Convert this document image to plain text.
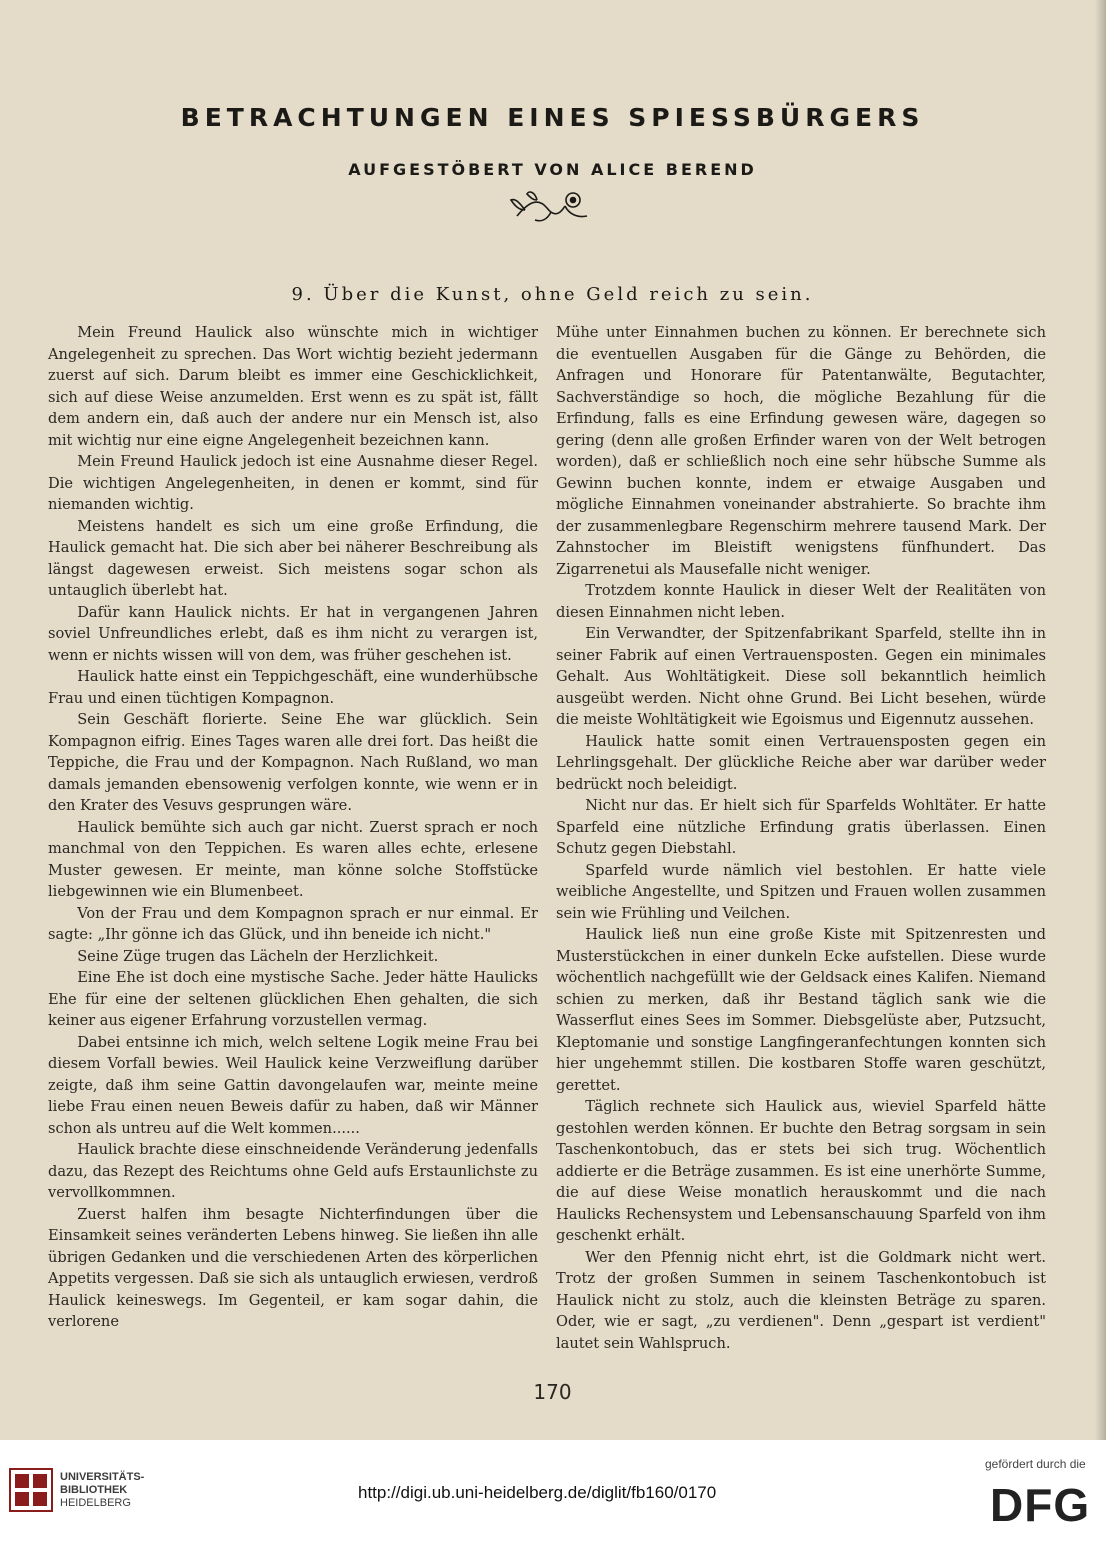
BETRACHTUNGEN EINES SPIESSBÜRGERS
AUFGESTÖBERT VON ALICE BEREND
9. Über die Kunst, ohne Geld reich zu sein.

Mein Freund Haulick also wünschte mich in wichtiger Angelegenheit zu sprechen. Das Wort wichtig bezieht jedermann zuerst auf sich. Darum bleibt es immer eine Geschicklichkeit, sich auf diese Weise anzumelden. Erst wenn es zu spät ist, fällt dem andern ein, daß auch der andere nur ein Mensch ist, also mit wichtig nur eine eigne Angelegenheit bezeichnen kann.

Mein Freund Haulick jedoch ist eine Ausnahme dieser Regel. Die wichtigen Angelegenheiten, in denen er kommt, sind für niemanden wichtig.

Meistens handelt es sich um eine große Erfindung, die Haulick gemacht hat. Die sich aber bei näherer Beschreibung als längst dagewesen erweist. Sich meistens sogar schon als untauglich überlebt hat.

Dafür kann Haulick nichts. Er hat in vergangenen Jahren soviel Unfreundliches erlebt, daß es ihm nicht zu verargen ist, wenn er nichts wissen will von dem, was früher geschehen ist.

Haulick hatte einst ein Teppichgeschäft, eine wunderhübsche Frau und einen tüchtigen Kompagnon.

Sein Geschäft florierte. Seine Ehe war glücklich. Sein Kompagnon eifrig. Eines Tages waren alle drei fort. Das heißt die Teppiche, die Frau und der Kompagnon. Nach Rußland, wo man damals jemanden ebensowenig verfolgen konnte, wie wenn er in den Krater des Vesuvs gesprungen wäre.

Haulick bemühte sich auch gar nicht. Zuerst sprach er noch manchmal von den Teppichen. Es waren alles echte, erlesene Muster gewesen. Er meinte, man könne solche Stoffstücke liebgewinnen wie ein Blumenbeet.

Von der Frau und dem Kompagnon sprach er nur einmal. Er sagte: „Ihr gönne ich das Glück, und ihn beneide ich nicht."

Seine Züge trugen das Lächeln der Herzlichkeit.

Eine Ehe ist doch eine mystische Sache. Jeder hätte Haulicks Ehe für eine der seltenen glücklichen Ehen gehalten, die sich keiner aus eigener Erfahrung vorzustellen vermag.

Dabei entsinne ich mich, welch seltene Logik meine Frau bei diesem Vorfall bewies. Weil Haulick keine Verzweiflung darüber zeigte, daß ihm seine Gattin davongelaufen war, meinte meine liebe Frau einen neuen Beweis dafür zu haben, daß wir Männer schon als untreu auf die Welt kommen......

Haulick brachte diese einschneidende Veränderung jedenfalls dazu, das Rezept des Reichtums ohne Geld aufs Erstaunlichste zu vervollkommnen.

Zuerst halfen ihm besagte Nichterfindungen über die Einsamkeit seines veränderten Lebens hinweg. Sie ließen ihn alle übrigen Gedanken und die verschiedenen Arten des körperlichen Appetits vergessen. Daß sie sich als untauglich erwiesen, verdroß Haulick keineswegs. Im Gegenteil, er kam sogar dahin, die verlorene

Mühe unter Einnahmen buchen zu können. Er berechnete sich die eventuellen Ausgaben für die Gänge zu Behörden, die Anfragen und Honorare für Patentanwälte, Begutachter, Sachverständige so hoch, die mögliche Bezahlung für die Erfindung, falls es eine Erfindung gewesen wäre, dagegen so gering (denn alle großen Erfinder waren von der Welt betrogen worden), daß er schließlich noch eine sehr hübsche Summe als Gewinn buchen konnte, indem er etwaige Ausgaben und mögliche Einnahmen voneinander abstrahierte. So brachte ihm der zusammenlegbare Regenschirm mehrere tausend Mark. Der Zahnstocher im Bleistift wenigstens fünfhundert. Das Zigarrenetui als Mausefalle nicht weniger.

Trotzdem konnte Haulick in dieser Welt der Realitäten von diesen Einnahmen nicht leben.

Ein Verwandter, der Spitzenfabrikant Sparfeld, stellte ihn in seiner Fabrik auf einen Vertrauensposten. Gegen ein minimales Gehalt. Aus Wohltätigkeit. Diese soll bekanntlich heimlich ausgeübt werden. Nicht ohne Grund. Bei Licht besehen, würde die meiste Wohltätigkeit wie Egoismus und Eigennutz aussehen.

Haulick hatte somit einen Vertrauensposten gegen ein Lehrlingsgehalt. Der glückliche Reiche aber war darüber weder bedrückt noch beleidigt.

Nicht nur das. Er hielt sich für Sparfelds Wohltäter. Er hatte Sparfeld eine nützliche Erfindung gratis überlassen. Einen Schutz gegen Diebstahl.

Sparfeld wurde nämlich viel bestohlen. Er hatte viele weibliche Angestellte, und Spitzen und Frauen wollen zusammen sein wie Frühling und Veilchen.

Haulick ließ nun eine große Kiste mit Spitzenresten und Musterstückchen in einer dunkeln Ecke aufstellen. Diese wurde wöchentlich nachgefüllt wie der Geldsack eines Kalifen. Niemand schien zu merken, daß ihr Bestand täglich sank wie die Wasserflut eines Sees im Sommer. Diebsgelüste aber, Putzsucht, Kleptomanie und sonstige Langfingeranfechtungen konnten sich hier ungehemmt stillen. Die kostbaren Stoffe waren geschützt, gerettet.

Täglich rechnete sich Haulick aus, wieviel Sparfeld hätte gestohlen werden können. Er buchte den Betrag sorgsam in sein Taschenkontobuch, das er stets bei sich trug. Wöchentlich addierte er die Beträge zusammen. Es ist eine unerhörte Summe, die auf diese Weise monatlich herauskommt und die nach Haulicks Rechensystem und Lebensanschauung Sparfeld von ihm geschenkt erhält.

Wer den Pfennig nicht ehrt, ist die Goldmark nicht wert. Trotz der großen Summen in seinem Taschenkontobuch ist Haulick nicht zu stolz, auch die kleinsten Beträge zu sparen. Oder, wie er sagt, „zu verdienen". Denn „gespart ist verdient" lautet sein Wahlspruch.

170
UNIVERSITÄTS-
BIBLIOTHEK
HEIDELBERG
http://digi.ub.uni-heidelberg.de/diglit/fb160/0170
gefördert durch die
DFG
